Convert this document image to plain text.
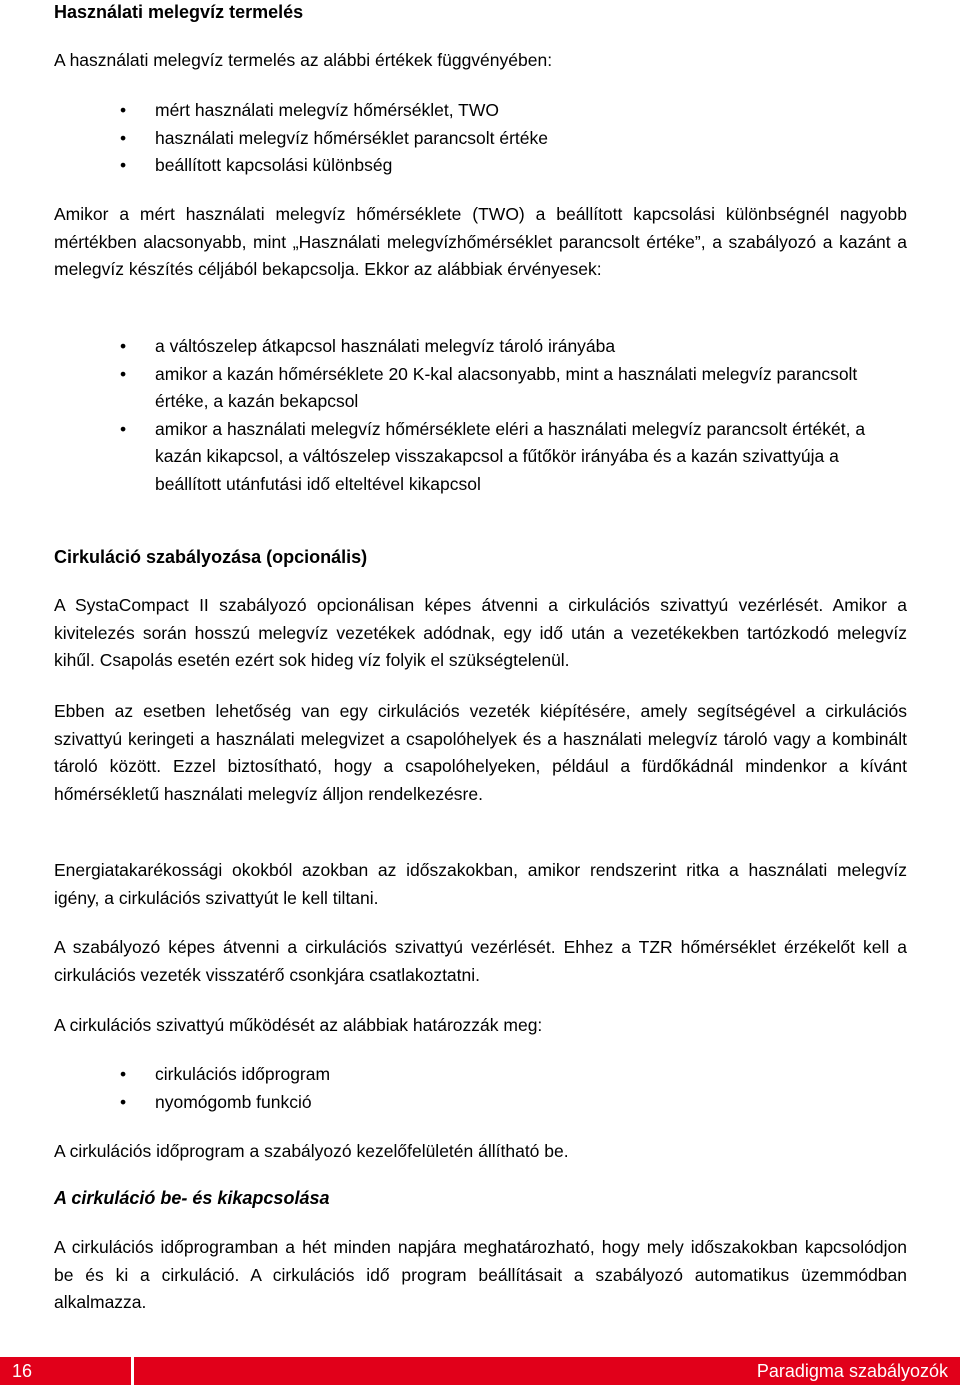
Használati melegvíz termelés

A használati melegvíz termelés az alábbi értékek függvényében:

• mért használati melegvíz hőmérséklet, TWO
• használati melegvíz hőmérséklet parancsolt értéke
• beállított kapcsolási különbség

Amikor a mért használati melegvíz hőmérséklete (TWO) a beállított kapcsolási különbségnél nagyobb mértékben alacsonyabb, mint „Használati melegvízhőmérséklet parancsolt értéke”, a szabályozó a kazánt a melegvíz készítés céljából bekapcsolja. Ekkor az alábbiak érvényesek:

• a váltószelep átkapcsol használati melegvíz tároló irányába
• amikor a kazán hőmérséklete 20 K-kal alacsonyabb, mint a használati melegvíz parancsolt értéke, a kazán bekapcsol
• amikor a használati melegvíz hőmérséklete eléri a használati melegvíz parancsolt értékét, a kazán kikapcsol, a váltószelep visszakapcsol a fűtőkör irányába és a kazán szivattyúja a beállított utánfutási idő elteltével kikapcsol

Cirkuláció szabályozása (opcionális)

A SystaCompact II szabályozó opcionálisan képes átvenni a cirkulációs szivattyú vezérlését. Amikor a kivitelezés során hosszú melegvíz vezetékek adódnak, egy idő után a vezetékekben tartózkodó melegvíz kihűl. Csapolás esetén ezért sok hideg víz folyik el szükségtelenül.

Ebben az esetben lehetőség van egy cirkulációs vezeték kiépítésére, amely segítségével a cirkulációs szivattyú keringeti a használati melegvizet a csapolóhelyek és a használati melegvíz tároló vagy a kombinált tároló között. Ezzel biztosítható, hogy a csapolóhelyeken, például a fürdőkádnál mindenkor a kívánt hőmérsékletű használati melegvíz álljon rendelkezésre.

Energiatakarékossági okokból azokban az időszakokban, amikor rendszerint ritka a használati melegvíz igény, a cirkulációs szivattyút le kell tiltani.

A szabályozó képes átvenni a cirkulációs szivattyú vezérlését. Ehhez a TZR hőmérséklet érzékelőt kell a cirkulációs vezeték visszatérő csonkjára csatlakoztatni.

A cirkulációs szivattyú működését az alábbiak határozzák meg:

• cirkulációs időprogram
• nyomógomb funkció

A cirkulációs időprogram a szabályozó kezelőfelületén állítható be.

A cirkuláció be- és kikapcsolása

A cirkulációs időprogramban a hét minden napjára meghatározható, hogy mely időszakokban kapcsolódjon be és ki a cirkuláció. A cirkulációs idő program beállításait a szabályozó automatikus üzemmódban alkalmazza.

16	Paradigma szabályozók
